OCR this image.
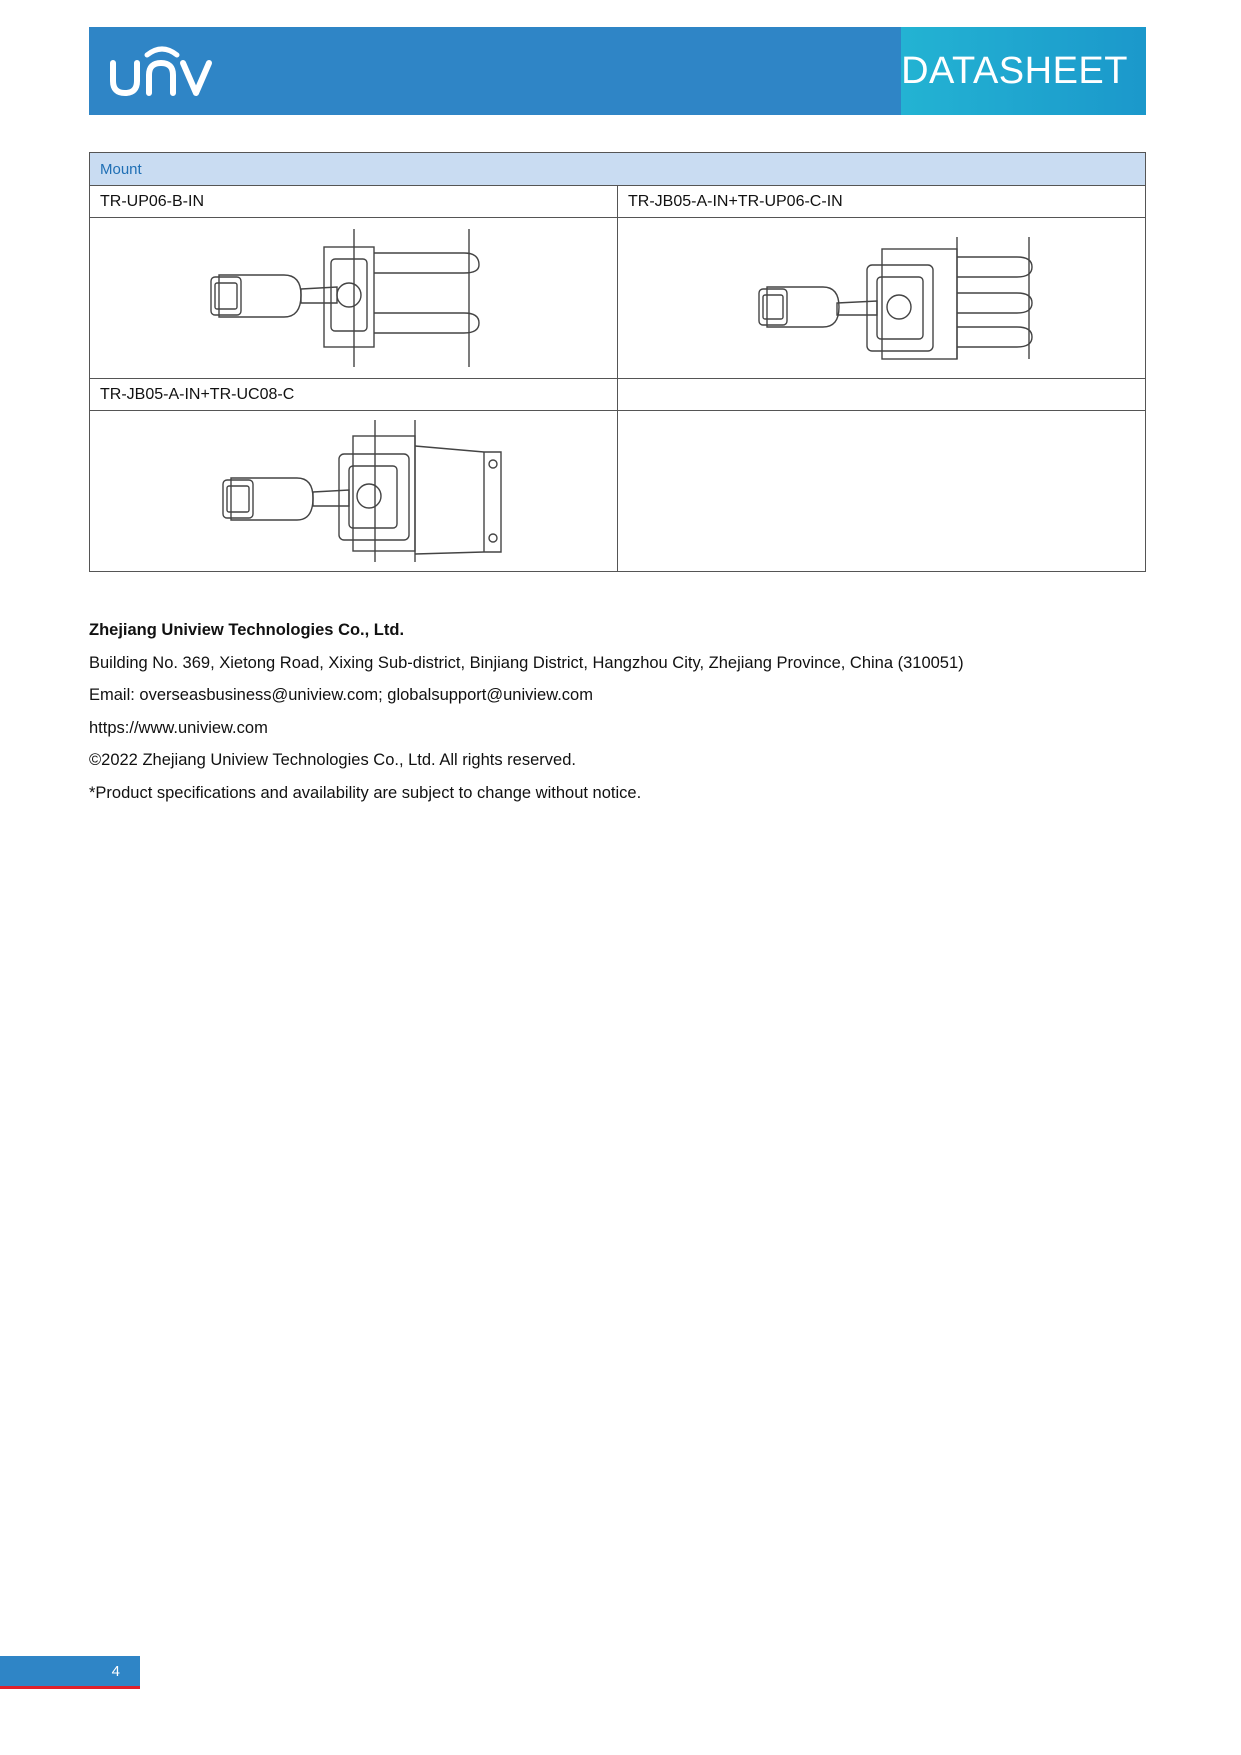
DATASHEET
Mount	
TR-UP06-B-IN	TR-JB05-A-IN+TR-UP06-C-IN

TR-JB05-A-IN+TR-UC08-C	

Zhejiang Uniview Technologies Co., Ltd.
Building No. 369, Xietong Road, Xixing Sub-district, Binjiang District, Hangzhou City, Zhejiang Province, China (310051)
Email: overseasbusiness@uniview.com; globalsupport@uniview.com
https://www.uniview.com
©2022 Zhejiang Uniview Technologies Co., Ltd. All rights reserved.
*Product specifications and availability are subject to change without notice.
4
